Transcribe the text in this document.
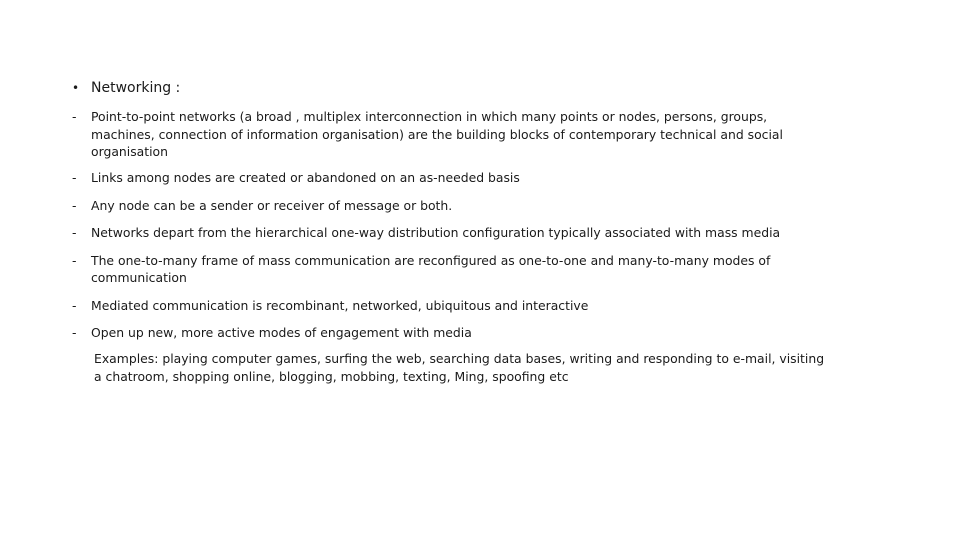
• Networking :
-	Point-to-point networks (a broad , multiplex interconnection in which many points or nodes, persons, groups, machines, connection of information organisation) are the building blocks of contemporary technical and social organisation
-	Links among nodes are created or abandoned on an as-needed basis
-	Any node can be a sender or receiver of message or both.
-	Networks depart from the hierarchical one-way distribution configuration typically associated with mass media
-	The one-to-many frame of mass communication are reconfigured as one-to-one and many-to-many modes of communication
-	Mediated communication is recombinant, networked, ubiquitous and interactive
-	Open up new, more active modes of engagement with media
Examples: playing computer games, surfing the web, searching data bases, writing and responding to e-mail, visiting a chatroom, shopping online, blogging, mobbing, texting, Ming, spoofing etc
